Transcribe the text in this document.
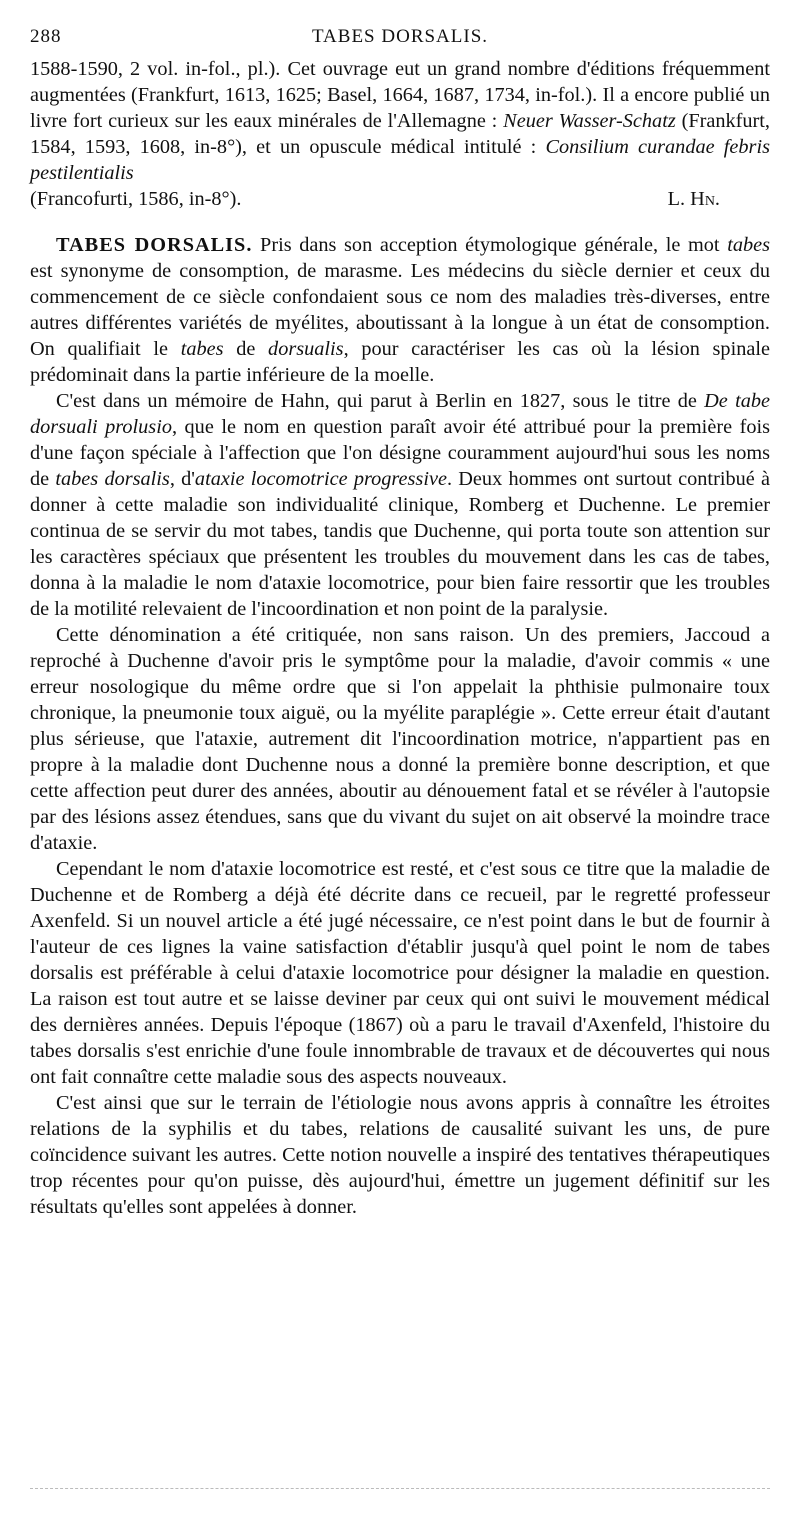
288	TABES DORSALIS.

1588-1590, 2 vol. in-fol., pl.). Cet ouvrage eut un grand nombre d'éditions fréquemment augmentées (Frankfurt, 1613, 1625; Basel, 1664, 1687, 1734, in-fol.). Il a encore publié un livre fort curieux sur les eaux minérales de l'Allemagne : Neuer Wasser-Schatz (Frankfurt, 1584, 1593, 1608, in-8°), et un opuscule médical intitulé : Consilium curandae febris pestilentialis

(Francofurti, 1586, in-8°).	L. Hn.

TABES DORSALIS. Pris dans son acception étymologique générale, le mot tabes est synonyme de consomption, de marasme. Les médecins du siècle dernier et ceux du commencement de ce siècle confondaient sous ce nom des maladies très-diverses, entre autres différentes variétés de myélites, aboutissant à la longue à un état de consomption. On qualifiait le tabes de dorsualis, pour caractériser les cas où la lésion spinale prédominait dans la partie inférieure de la moelle.

C'est dans un mémoire de Hahn, qui parut à Berlin en 1827, sous le titre de De tabe dorsuali prolusio, que le nom en question paraît avoir été attribué pour la première fois d'une façon spéciale à l'affection que l'on désigne couramment aujourd'hui sous les noms de tabes dorsalis, d'ataxie locomotrice progressive. Deux hommes ont surtout contribué à donner à cette maladie son individualité clinique, Romberg et Duchenne. Le premier continua de se servir du mot tabes, tandis que Duchenne, qui porta toute son attention sur les caractères spéciaux que présentent les troubles du mouvement dans les cas de tabes, donna à la maladie le nom d'ataxie locomotrice, pour bien faire ressortir que les troubles de la motilité relevaient de l'incoordination et non point de la paralysie.

Cette dénomination a été critiquée, non sans raison. Un des premiers, Jaccoud a reproché à Duchenne d'avoir pris le symptôme pour la maladie, d'avoir commis « une erreur nosologique du même ordre que si l'on appelait la phthisie pulmonaire toux chronique, la pneumonie toux aiguë, ou la myélite paraplégie ». Cette erreur était d'autant plus sérieuse, que l'ataxie, autrement dit l'incoordination motrice, n'appartient pas en propre à la maladie dont Duchenne nous a donné la première bonne description, et que cette affection peut durer des années, aboutir au dénouement fatal et se révéler à l'autopsie par des lésions assez étendues, sans que du vivant du sujet on ait observé la moindre trace d'ataxie.

Cependant le nom d'ataxie locomotrice est resté, et c'est sous ce titre que la maladie de Duchenne et de Romberg a déjà été décrite dans ce recueil, par le regretté professeur Axenfeld. Si un nouvel article a été jugé nécessaire, ce n'est point dans le but de fournir à l'auteur de ces lignes la vaine satisfaction d'établir jusqu'à quel point le nom de tabes dorsalis est préférable à celui d'ataxie locomotrice pour désigner la maladie en question. La raison est tout autre et se laisse deviner par ceux qui ont suivi le mouvement médical des dernières années. Depuis l'époque (1867) où a paru le travail d'Axenfeld, l'histoire du tabes dorsalis s'est enrichie d'une foule innombrable de travaux et de découvertes qui nous ont fait connaître cette maladie sous des aspects nouveaux.

C'est ainsi que sur le terrain de l'étiologie nous avons appris à connaître les étroites relations de la syphilis et du tabes, relations de causalité suivant les uns, de pure coïncidence suivant les autres. Cette notion nouvelle a inspiré des tentatives thérapeutiques trop récentes pour qu'on puisse, dès aujourd'hui, émettre un jugement définitif sur les résultats qu'elles sont appelées à donner.
